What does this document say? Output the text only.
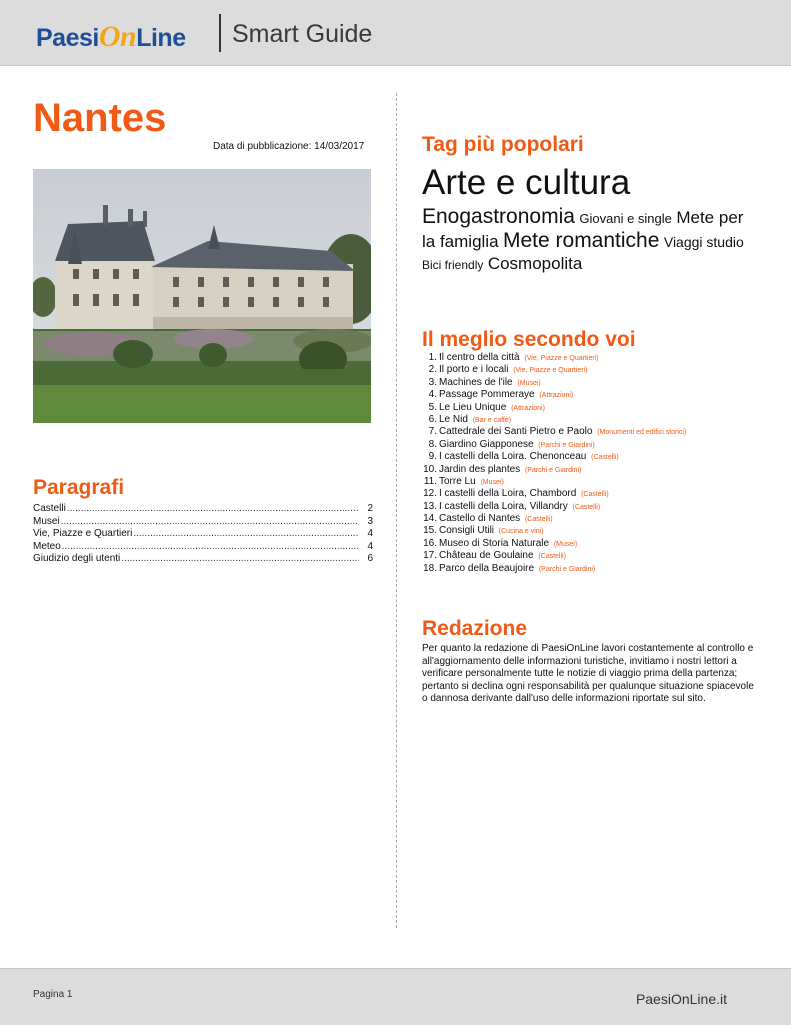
PaesiOnLine Smart Guide
Nantes
Data di pubblicazione: 14/03/2017
Paragrafi
Castelli .....	2
Musei .....	3
Vie, Piazze e Quartieri .....	4
Meteo .....	4
Giudizio degli utenti .....	6
Tag più popolari
Arte e cultura
Enogastronomia Giovani e single Mete per la famiglia Mete romantiche Viaggi studio Bici friendly Cosmopolita
Il meglio secondo voi
1. Il centro della città (Vie, Piazze e Quartieri)
2. Il porto e i locali (Vie, Piazze e Quartieri)
3. Machines de l'ile (Musei)
4. Passage Pommeraye (Attrazioni)
5. Le Lieu Unique (Attrazioni)
6. Le Nid (Bar e caffè)
7. Cattedrale dei Santi Pietro e Paolo (Monumenti ed edifici storici)
8. Giardino Giapponese (Parchi e Giardini)
9. I castelli della Loira. Chenonceau (Castelli)
10. Jardin des plantes (Parchi e Giardini)
11. Torre Lu (Musei)
12. I castelli della Loira, Chambord (Castelli)
13. I castelli della Loira, Villandry (Castelli)
14. Castello di Nantes (Castelli)
15. Consigli Utili (Cucina e vini)
16. Museo di Storia Naturale (Musei)
17. Château de Goulaine (Castelli)
18. Parco della Beaujoire (Parchi e Giardini)
Redazione
Per quanto la redazione di PaesiOnLine lavori costantemente al controllo e all'aggiornamento delle informazioni turistiche, invitiamo i nostri lettori a verificare personalmente tutte le notizie di viaggio prima della partenza; pertanto si declina ogni responsabilità per qualunque situazione spiacevole o dannosa derivante dall'uso delle informazioni riportate sul sito.
Pagina 1	PaesiOnLine.it
